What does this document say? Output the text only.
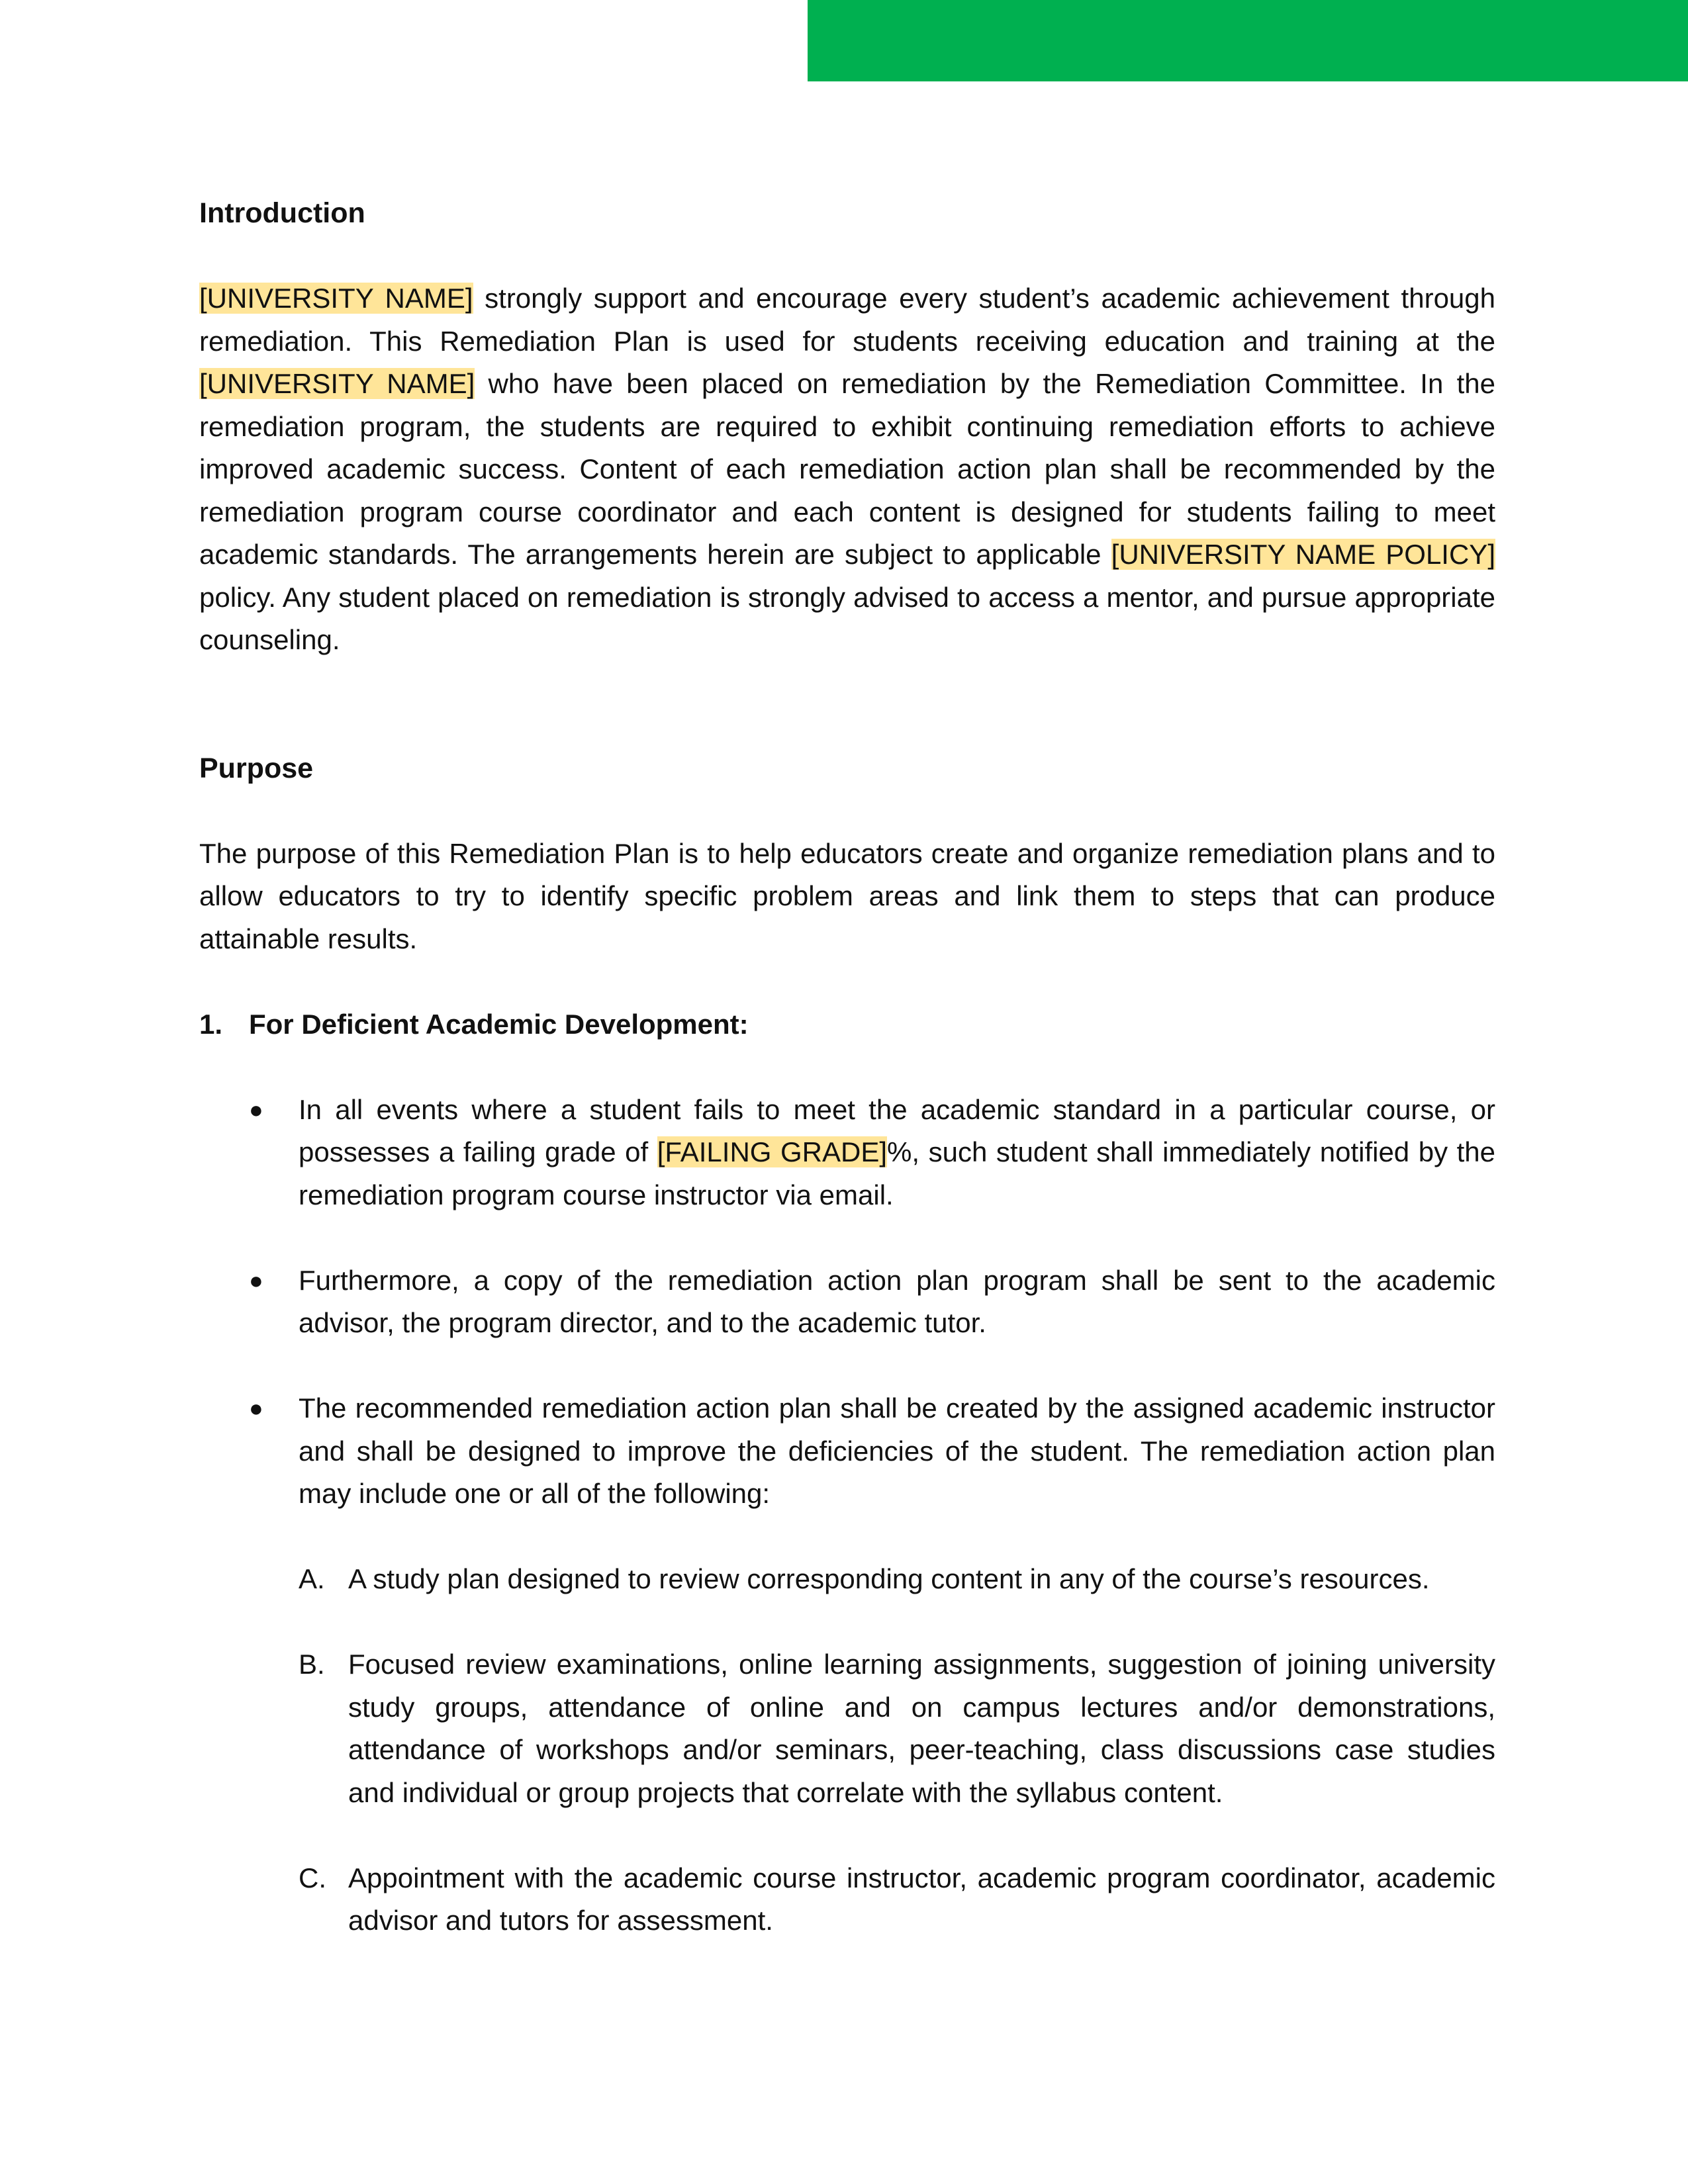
Introduction

[UNIVERSITY NAME] strongly support and encourage every student’s academic achievement through remediation. This Remediation Plan is used for students receiving education and training at the [UNIVERSITY NAME] who have been placed on remediation by the Remediation Committee. In the remediation program, the students are required to exhibit continuing remediation efforts to achieve improved academic success. Content of each remediation action plan shall be recommended by the remediation program course coordinator and each content is designed for students failing to meet academic standards. The arrangements herein are subject to applicable [UNIVERSITY NAME POLICY] policy. Any student placed on remediation is strongly advised to access a mentor, and pursue appropriate counseling.

Purpose

The purpose of this Remediation Plan is to help educators create and organize remediation plans and to allow educators to try to identify specific problem areas and link them to steps that can produce attainable results.

1. For Deficient Academic Development:
●	In all events where a student fails to meet the academic standard in a particular course, or possesses a failing grade of [FAILING GRADE]%, such student shall immediately notified by the remediation program course instructor via email.
●	Furthermore, a copy of the remediation action plan program shall be sent to the academic advisor, the program director, and to the academic tutor.
●	The recommended remediation action plan shall be created by the assigned academic instructor and shall be designed to improve the deficiencies of the student. The remediation action plan may include one or all of the following:
A. A study plan designed to review corresponding content in any of the course’s resources.
B. Focused review examinations, online learning assignments, suggestion of joining university study groups, attendance of online and on campus lectures and/or demonstrations, attendance of workshops and/or seminars, peer-teaching, class discussions case studies and individual or group projects that correlate with the syllabus content.
C. Appointment with the academic course instructor, academic program coordinator, academic advisor and tutors for assessment.
